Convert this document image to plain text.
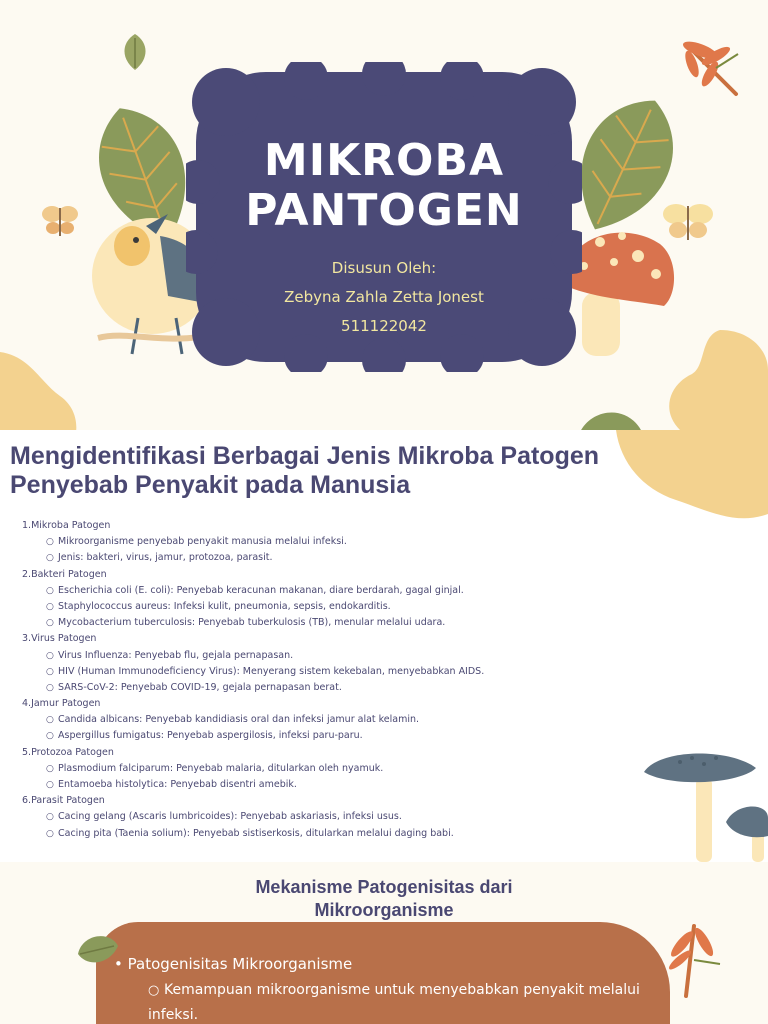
MIKROBA
PANTOGEN
Disusun Oleh:
Zebyna Zahla Zetta Jonest
511122042
Mengidentifikasi Berbagai Jenis Mikroba Patogen Penyebab Penyakit pada Manusia
1.Mikroba Patogen
○ Mikroorganisme penyebab penyakit manusia melalui infeksi.
○ Jenis: bakteri, virus, jamur, protozoa, parasit.
2.Bakteri Patogen
○ Escherichia coli (E. coli): Penyebab keracunan makanan, diare berdarah, gagal ginjal.
○ Staphylococcus aureus: Infeksi kulit, pneumonia, sepsis, endokarditis.
○ Mycobacterium tuberculosis: Penyebab tuberkulosis (TB), menular melalui udara.
3.Virus Patogen
○ Virus Influenza: Penyebab flu, gejala pernapasan.
○ HIV (Human Immunodeficiency Virus): Menyerang sistem kekebalan, menyebabkan AIDS.
○ SARS-CoV-2: Penyebab COVID-19, gejala pernapasan berat.
4.Jamur Patogen
○ Candida albicans: Penyebab kandidiasis oral dan infeksi jamur alat kelamin.
○ Aspergillus fumigatus: Penyebab aspergilosis, infeksi paru-paru.
5.Protozoa Patogen
○ Plasmodium falciparum: Penyebab malaria, ditularkan oleh nyamuk.
○ Entamoeba histolytica: Penyebab disentri amebik.
6.Parasit Patogen
○ Cacing gelang (Ascaris lumbricoides): Penyebab askariasis, infeksi usus.
○ Cacing pita (Taenia solium): Penyebab sistiserkosis, ditularkan melalui daging babi.
Mekanisme Patogenisitas dari
Mikroorganisme
• Patogenisitas Mikroorganisme
○ Kemampuan mikroorganisme untuk menyebabkan penyakit melalui infeksi.
